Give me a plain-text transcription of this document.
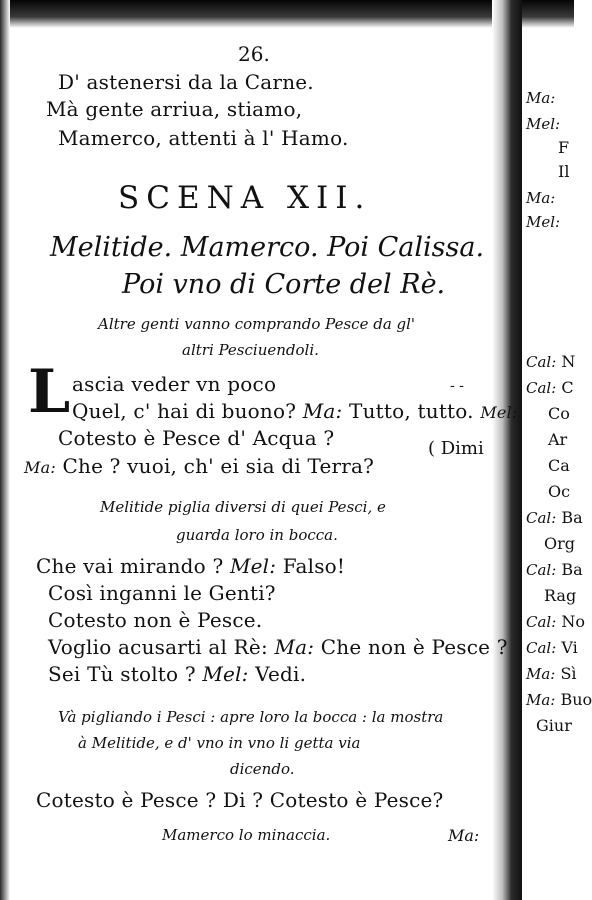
26.
D' astenersi da la Carne.
Mà gente arriua, stiamo,
Mamerco, attenti à l' Hamo.
SCENA XII.
Melitide. Mamerco. Poi Calissa.
Poi vno di Corte del Rè.
Altre genti vanno comprando Pesce da gl'
altri Pesciuendoli.
L ascia veder vn poco	- -
Quel, c' hai di buono? Ma: Tutto, tutto. Mel:
Cotesto è Pesce d' Acqua ?	( Dimi
Ma: Che ? vuoi, ch' ei sia di Terra?
Melitide piglia diversi di quei Pesci, e
guarda loro in bocca.
Che vai mirando ? Mel: Falso!
Così inganni le Genti?
Cotesto non è Pesce.
Voglio acusarti al Rè: Ma: Che non è Pesce ?
Sei Tù stolto ? Mel: Vedi.
Và pigliando i Pesci : apre loro la bocca : la mostra
à Melitide, e d' vno in vno li getta via
dicendo.
Cotesto è Pesce ? Di ? Cotesto è Pesce?
Mamerco lo minaccia.	Ma:
Ma:
Mel:
F
Il
Ma:
Mel:
Cal: N
Cal: C
Co
Ar
Ca
Oc
Cal: Ba
Org
Cal: Ba
Rag
Cal: No
Cal: Vi
Ma: Sì
Ma: Buo
Giur
